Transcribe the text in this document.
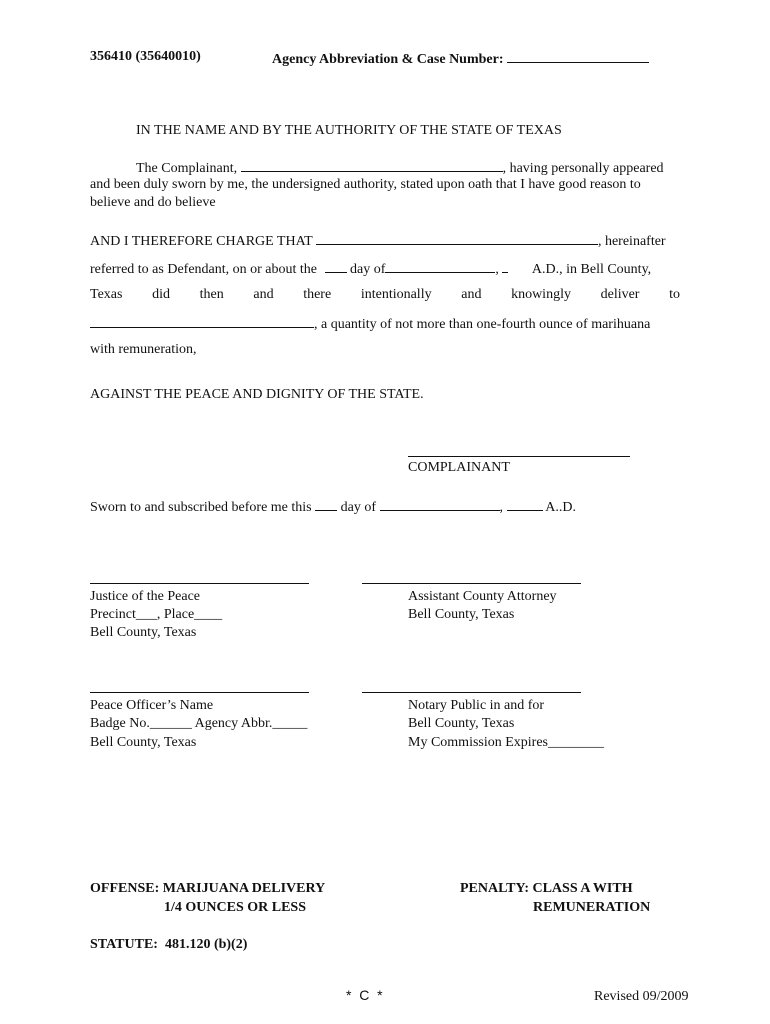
356410 (35640010)	Agency Abbreviation & Case Number:
IN THE NAME AND BY THE AUTHORITY OF THE STATE OF TEXAS
The Complainant,	, having personally appeared
and been duly sworn by me, the undersigned authority, stated upon oath that I have good reason to
believe and do believe
AND I THEREFORE CHARGE THAT	, hereinafter
referred to as Defendant, on or about the day of	, A.D., in Bell County,
Texas did then and there intentionally and knowingly deliver to
, a quantity of not more than one-fourth ounce of marihuana
with remuneration,
AGAINST THE PEACE AND DIGNITY OF THE STATE.
COMPLAINANT
Sworn to and subscribed before me this day of	,	A..D.
Justice of the Peace
Precinct___, Place____
Bell County, Texas
Assistant County Attorney
Bell County, Texas
Peace Officer’s Name
Badge No.______ Agency Abbr._____
Bell County, Texas
Notary Public in and for
Bell County, Texas
My Commission Expires________
OFFENSE: MARIJUANA DELIVERY
1/4 OUNCES OR LESS
PENALTY: CLASS A WITH
REMUNERATION
STATUTE:  481.120 (b)(2)
*  C  *	Revised 09/2009
